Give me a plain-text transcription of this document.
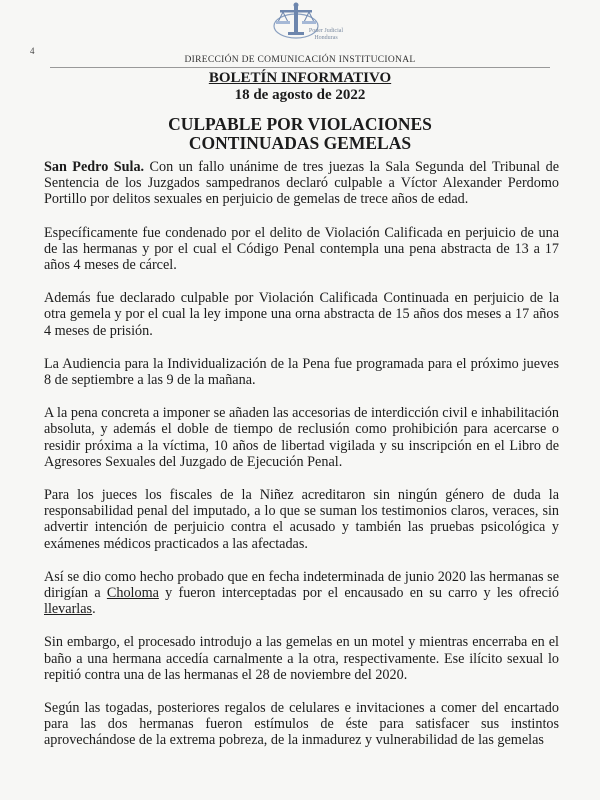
Poder Judicial
Honduras
4
DIRECCIÓN DE COMUNICACIÓN INSTITUCIONAL
BOLETÍN INFORMATIVO
18 de agosto de 2022
CULPABLE POR VIOLACIONES
CONTINUADAS GEMELAS

San Pedro Sula. Con un fallo unánime de tres juezas la Sala Segunda del Tribunal de Sentencia de los Juzgados sampedranos declaró culpable a Víctor Alexander Perdomo Portillo por delitos sexuales en perjuicio de gemelas de trece años de edad.

Específicamente fue condenado por el delito de Violación Calificada en perjuicio de una de las hermanas y por el cual el Código Penal contempla una pena abstracta de 13 a 17 años 4 meses de cárcel.

Además fue declarado culpable por Violación Calificada Continuada en perjuicio de la otra gemela y por el cual la ley impone una orna abstracta de 15 años dos meses a 17 años 4 meses de prisión.

La Audiencia para la Individualización de la Pena fue programada para el próximo jueves 8 de septiembre a las 9 de la mañana.

A la pena concreta a imponer se añaden las accesorias de interdicción civil e inhabilitación absoluta, y además el doble de tiempo de reclusión como prohibición para acercarse o residir próxima a la víctima, 10 años de libertad vigilada y su inscripción en el Libro de Agresores Sexuales del Juzgado de Ejecución Penal.

Para los jueces los fiscales de la Niñez acreditaron sin ningún género de duda la responsabilidad penal del imputado, a lo que se suman los testimonios claros, veraces, sin advertir intención de perjuicio contra el acusado y también las pruebas psicológica y exámenes médicos practicados a las afectadas.

Así se dio como hecho probado que en fecha indeterminada de junio 2020 las hermanas se dirigían a Choloma y fueron interceptadas por el encausado en su carro y les ofreció llevarlas.

Sin embargo, el procesado introdujo a las gemelas en un motel y mientras encerraba en el baño a una hermana accedía carnalmente a la otra, respectivamente. Ese ilícito sexual lo repitió contra una de las hermanas el 28 de noviembre del 2020.

Según las togadas, posteriores regalos de celulares e invitaciones a comer del encartado para las dos hermanas fueron estímulos de éste para satisfacer sus instintos aprovechándose de la extrema pobreza, de la inmadurez y vulnerabilidad de las gemelas
